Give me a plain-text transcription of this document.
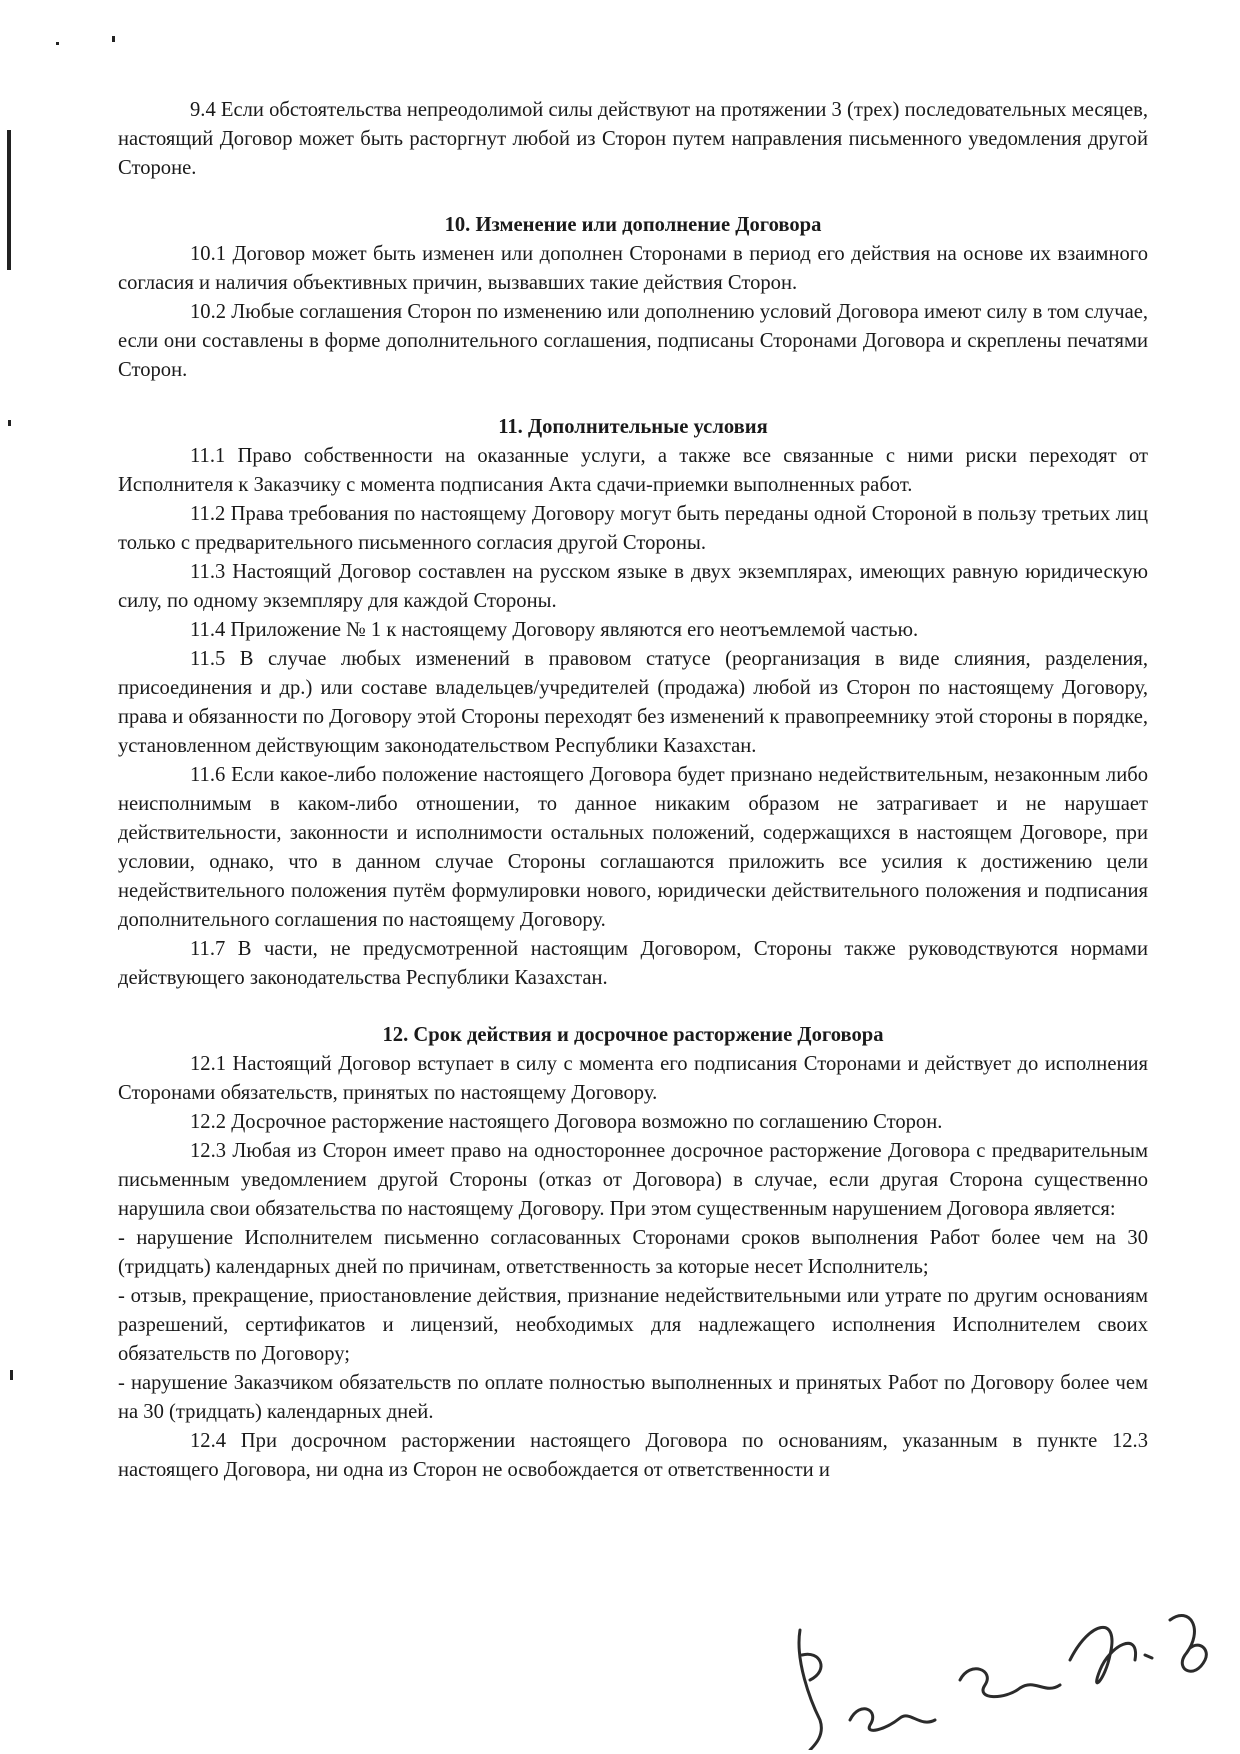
9.4 Если обстоятельства непреодолимой силы действуют на протяжении 3 (трех) последовательных месяцев, настоящий Договор может быть расторгнут любой из Сторон путем направления письменного уведомления другой Стороне.

10. Изменение или дополнение Договора

10.1 Договор может быть изменен или дополнен Сторонами в период его действия на основе их взаимного согласия и наличия объективных причин, вызвавших такие действия Сторон.

10.2 Любые соглашения Сторон по изменению или дополнению условий Договора имеют силу в том случае, если они составлены в форме дополнительного соглашения, подписаны Сторонами Договора и скреплены печатями Сторон.

11. Дополнительные условия

11.1 Право собственности на оказанные услуги, а также все связанные с ними риски переходят от Исполнителя к Заказчику с момента подписания Акта сдачи-приемки выполненных работ.

11.2 Права требования по настоящему Договору могут быть переданы одной Стороной в пользу третьих лиц только с предварительного письменного согласия другой Стороны.

11.3 Настоящий Договор составлен на русском языке в двух экземплярах, имеющих равную юридическую силу, по одному экземпляру для каждой Стороны.

11.4 Приложение № 1 к настоящему Договору являются его неотъемлемой частью.

11.5 В случае любых изменений в правовом статусе (реорганизация в виде слияния, разделения, присоединения и др.) или составе владельцев/учредителей (продажа) любой из Сторон по настоящему Договору, права и обязанности по Договору этой Стороны переходят без изменений к правопреемнику этой стороны в порядке, установленном действующим законодательством Республики Казахстан.

11.6 Если какое-либо положение настоящего Договора будет признано недействительным, незаконным либо неисполнимым в каком-либо отношении, то данное никаким образом не затрагивает и не нарушает действительности, законности и исполнимости остальных положений, содержащихся в настоящем Договоре, при условии, однако, что в данном случае Стороны соглашаются приложить все усилия к достижению цели недействительного положения путём формулировки нового, юридически действительного положения и подписания дополнительного соглашения по настоящему Договору.

11.7 В части, не предусмотренной настоящим Договором, Стороны также руководствуются нормами действующего законодательства Республики Казахстан.

12. Срок действия и досрочное расторжение Договора

12.1 Настоящий Договор вступает в силу с момента его подписания Сторонами и действует до исполнения Сторонами обязательств, принятых по настоящему Договору.

12.2 Досрочное расторжение настоящего Договора возможно по соглашению Сторон.

12.3 Любая из Сторон имеет право на одностороннее досрочное расторжение Договора с предварительным письменным уведомлением другой Стороны (отказ от Договора) в случае, если другая Сторона существенно нарушила свои обязательства по настоящему Договору. При этом существенным нарушением Договора является:

- нарушение Исполнителем письменно согласованных Сторонами сроков выполнения Работ более чем на 30 (тридцать) календарных дней по причинам, ответственность за которые несет Исполнитель;

- отзыв, прекращение, приостановление действия, признание недействительными или утрате по другим основаниям разрешений, сертификатов и лицензий, необходимых для надлежащего исполнения Исполнителем своих обязательств по Договору;

- нарушение Заказчиком обязательств по оплате полностью выполненных и принятых Работ по Договору более чем на 30 (тридцать) календарных дней.

12.4 При досрочном расторжении настоящего Договора по основаниям, указанным в пункте 12.3 настоящего Договора, ни одна из Сторон не освобождается от ответственности и
